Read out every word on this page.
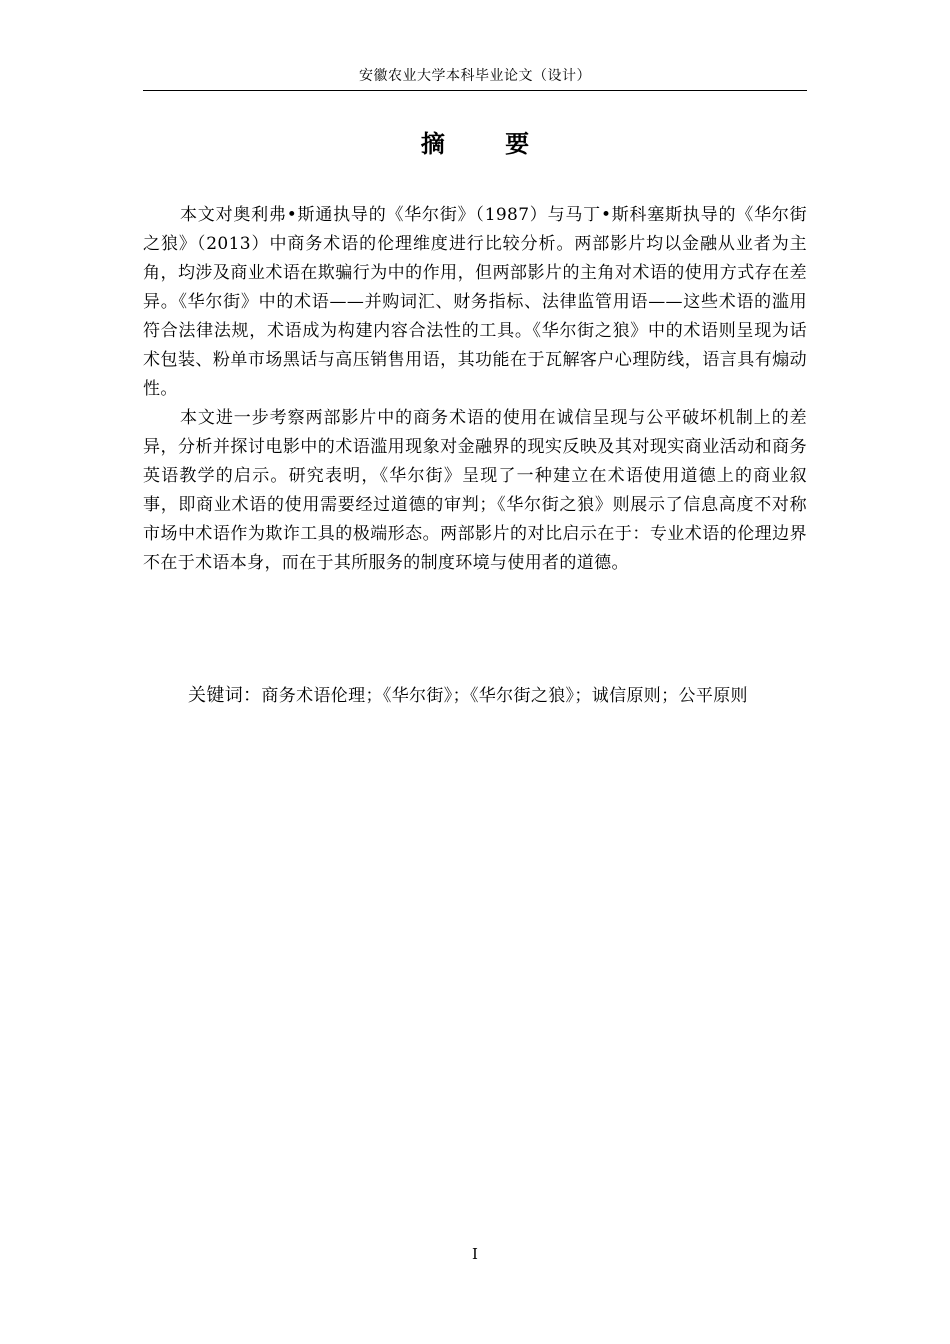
安徽农业大学本科毕业论文（设计）
摘 要

本文对奥利弗•斯通执导的《华尔街》（1987）与马丁•斯科塞斯执导的《华尔街之狼》（2013）中商务术语的伦理维度进行比较分析。两部影片均以金融从业者为主角，均涉及商业术语在欺骗行为中的作用，但两部影片的主角对术语的使用方式存在差异。《华尔街》中的术语——并购词汇、财务指标、法律监管用语——这些术语的滥用符合法律法规，术语成为构建内容合法性的工具。《华尔街之狼》中的术语则呈现为话术包装、粉单市场黑话与高压销售用语，其功能在于瓦解客户心理防线，语言具有煽动性。

本文进一步考察两部影片中的商务术语的使用在诚信呈现与公平破坏机制上的差异，分析并探讨电影中的术语滥用现象对金融界的现实反映及其对现实商业活动和商务英语教学的启示。研究表明，《华尔街》呈现了一种建立在术语使用道德上的商业叙事，即商业术语的使用需要经过道德的审判；《华尔街之狼》则展示了信息高度不对称市场中术语作为欺诈工具的极端形态。两部影片的对比启示在于：专业术语的伦理边界不在于术语本身，而在于其所服务的制度环境与使用者的道德。

关键词：商务术语伦理；《华尔街》；《华尔街之狼》；诚信原则；公平原则
I
